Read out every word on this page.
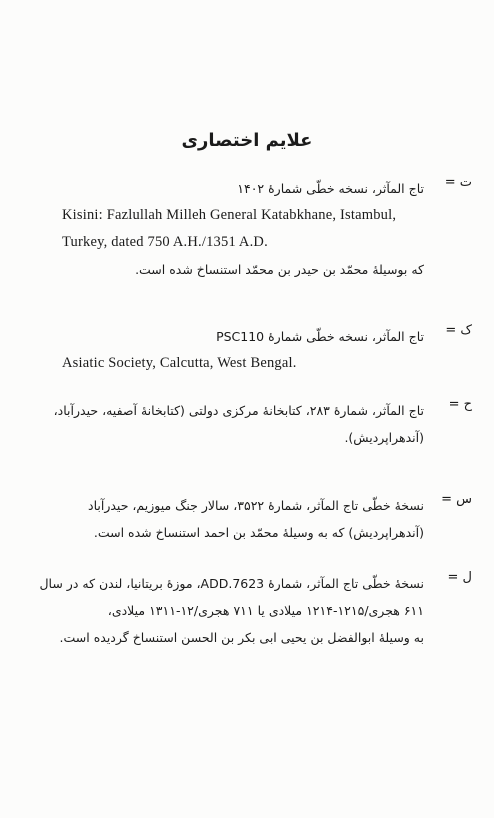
علایم اختصاری
ت =
تاج المآثر، نسخه خطّی شمارهٔ ۱۴۰۲
Kisini: Fazlullah Milleh General Katabkhane, Istambul,
Turkey, dated 750 A.H./1351 A.D.
که بوسیلهٔ محمّد بن حیدر بن محمّد استنساخ شده است.
ک =
تاج المآثر، نسخه خطّی شمارهٔ PSC110
Asiatic Society, Calcutta, West Bengal.
ح =
تاج المآثر، شمارهٔ ۲۸۳، کتابخانهٔ مرکزی دولتی (کتابخانهٔ آصفیه، حیدرآباد،
(آندهراپردیش).
س =
نسخهٔ خطّی تاج المآثر، شمارهٔ ۳۵۲۲، سالار جنگ میوزیم، حیدرآباد
(آندهراپردیش) که به وسیلهٔ محمّد بن احمد استنساخ شده است.
ل =
نسخهٔ خطّی تاج المآثر، شمارهٔ ADD.7623، موزهٔ بریتانیا، لندن که در سال
۶۱۱ هجری/۱۲۱۵-۱۲۱۴ میلادی یا ۷۱۱ هجری/۱۲-۱۳۱۱ میلادی،
به وسیلهٔ ابوالفضل بن یحیی ابی بکر بن الحسن استنساخ گردیده است.
